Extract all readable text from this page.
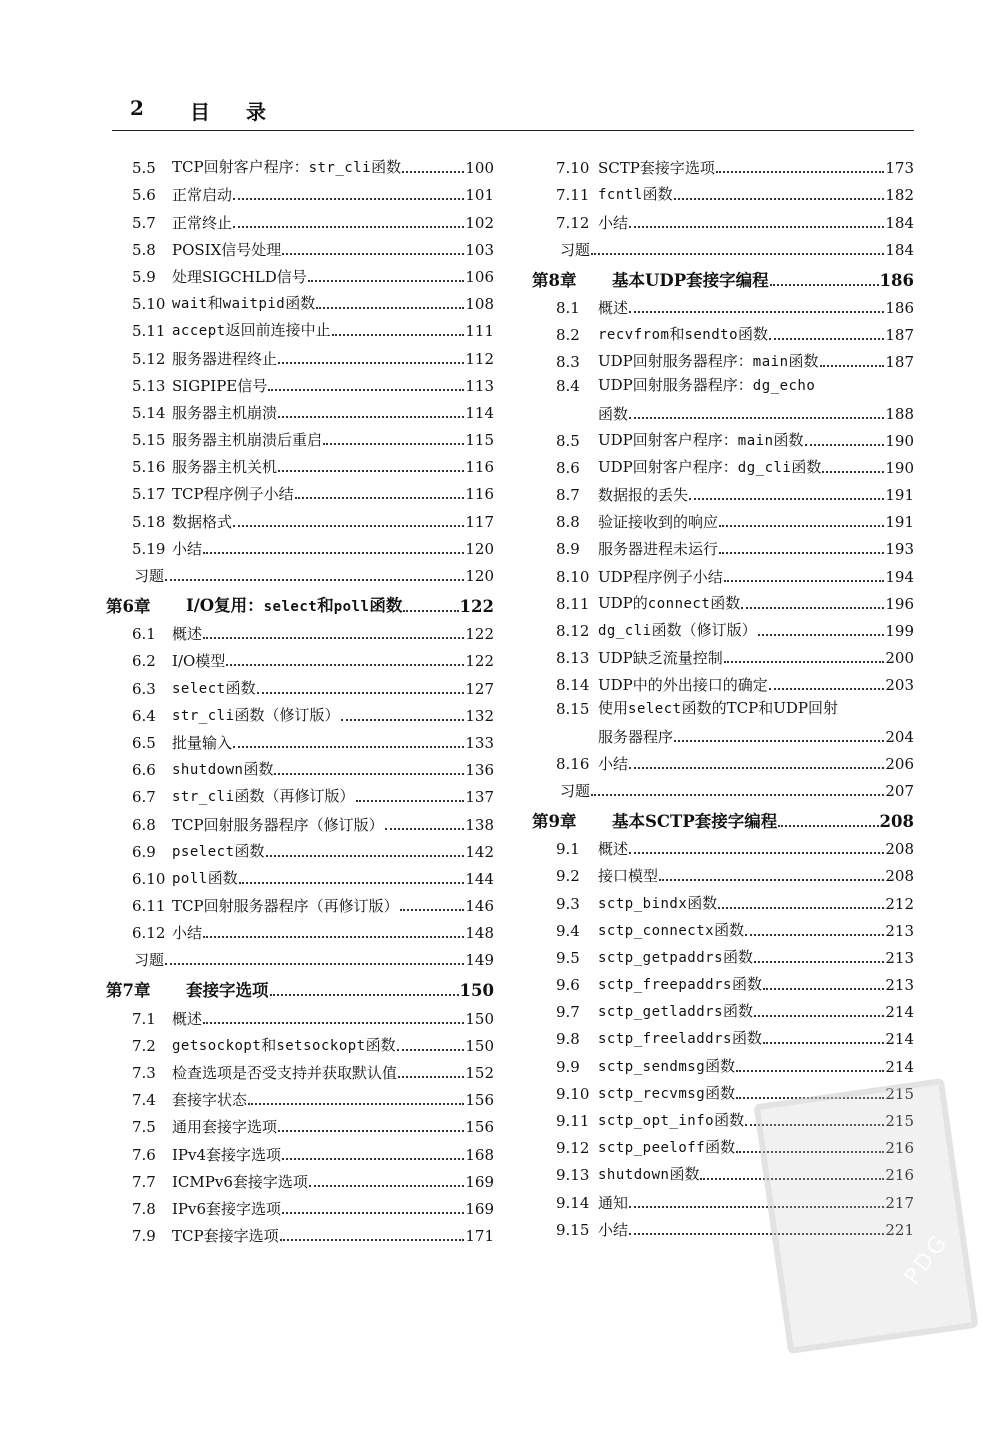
2 目录
5.5	TCP回射客户程序：str_cli函数	100
5.6	正常启动	101
5.7	正常终止	102
5.8	POSIX信号处理	103
5.9	处理SIGCHLD信号	106
5.10 wait和waitpid函数	108
5.11 accept返回前连接中止	111
5.12 服务器进程终止	112
5.13 SIGPIPE信号	113
5.14 服务器主机崩溃	114
5.15 服务器主机崩溃后重启	115
5.16 服务器主机关机	116
5.17 TCP程序例子小结	116
5.18 数据格式	117
5.19 小结	120
习题	120
第6章	I/O复用：select和poll函数	122
6.1	概述	122
6.2	I/O模型	122
6.3	select函数	127
6.4	str_cli函数（修订版）	132
6.5	批量输入	133
6.6	shutdown函数	136
6.7	str_cli函数（再修订版）	137
6.8	TCP回射服务器程序（修订版）	138
6.9	pselect函数	142
6.10 poll函数	144
6.11 TCP回射服务器程序（再修订版）	146
6.12 小结	148
习题	149
第7章	套接字选项	150
7.1	概述	150
7.2	getsockopt和setsockopt函数	150
7.3	检查选项是否受支持并获取默认值	152
7.4	套接字状态	156
7.5	通用套接字选项	156
7.6	IPv4套接字选项	168
7.7	ICMPv6套接字选项	169
7.8	IPv6套接字选项	169
7.9	TCP套接字选项	171
7.10 SCTP套接字选项	173
7.11 fcntl函数	182
7.12 小结	184
习题	184
第8章	基本UDP套接字编程	186
8.1	概述	186
8.2	recvfrom和sendto函数	187
8.3	UDP回射服务器程序：main函数	187
8.4	UDP回射服务器程序：dg_echo
函数	188
8.5	UDP回射客户程序：main函数	190
8.6	UDP回射客户程序：dg_cli函数	190
8.7	数据报的丢失	191
8.8	验证接收到的响应	191
8.9	服务器进程未运行	193
8.10 UDP程序例子小结	194
8.11 UDP的connect函数	196
8.12 dg_cli函数（修订版）	199
8.13 UDP缺乏流量控制	200
8.14 UDP中的外出接口的确定	203
8.15 使用select函数的TCP和UDP回射
服务器程序	204
8.16 小结	206
习题	207
第9章	基本SCTP套接字编程	208
9.1	概述	208
9.2	接口模型	208
9.3	sctp_bindx函数	212
9.4	sctp_connectx函数	213
9.5	sctp_getpaddrs函数	213
9.6	sctp_freepaddrs函数	213
9.7	sctp_getladdrs函数	214
9.8	sctp_freeladdrs函数	214
9.9	sctp_sendmsg函数	214
9.10 sctp_recvmsg函数	215
9.11 sctp_opt_info函数	215
9.12 sctp_peeloff函数	216
9.13 shutdown函数	216
9.14 通知	217
9.15 小结	221
PDG
